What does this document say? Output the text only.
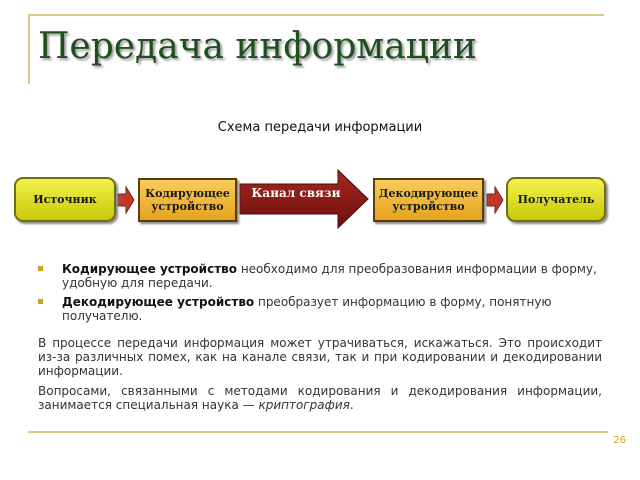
Передача информации

Схема передачи информации

Источник	Кодирующее
устройство
Канал связи	Декодирующее
устройство
Получатель
Кодирующее устройство необходимо для преобразования информации в форму, удобную для передачи.
Декодирующее устройство преобразует информацию в форму, понятную получателю.

В процессе передачи информация может утрачиваться, искажаться. Это происходит из-за различных помех, как на канале связи, так и при кодировании и декодировании информации.

Вопросами, связанными с методами кодирования и декодирования информации, занимается специальная наука — криптография.

26
